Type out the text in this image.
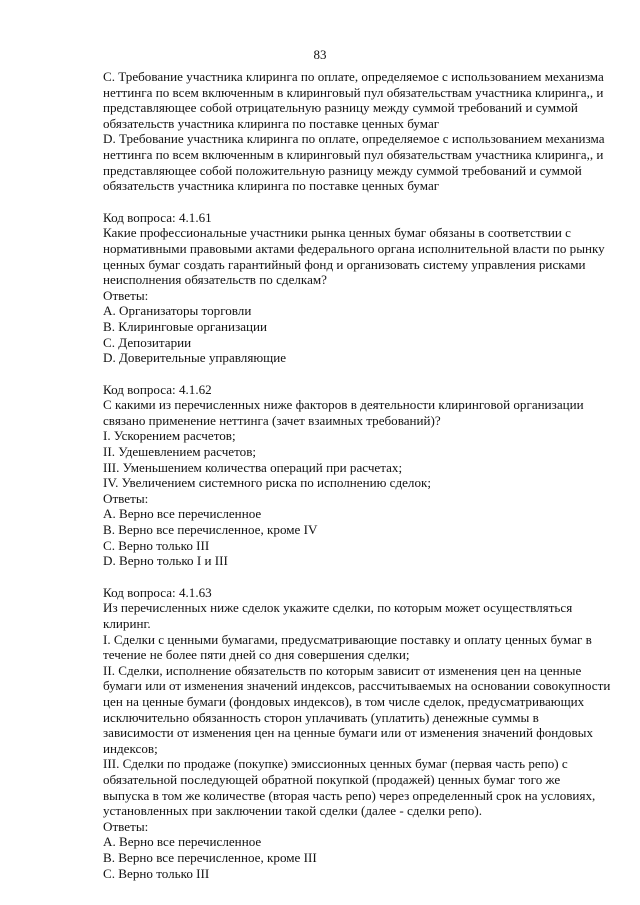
83
C. Требование участника клиринга по оплате, определяемое с использованием механизма
неттинга по всем включенным в клиринговый пул обязательствам участника клиринга,, и
представляющее собой отрицательную разницу между суммой требований и суммой
обязательств участника клиринга по поставке ценных бумаг
D. Требование участника клиринга по оплате, определяемое с использованием механизма
неттинга по всем включенным в клиринговый пул обязательствам участника клиринга,, и
представляющее собой положительную разницу между суммой требований и суммой
обязательств участника клиринга по поставке ценных бумаг
Код вопроса: 4.1.61
Какие профессиональные участники рынка ценных бумаг обязаны в соответствии с
нормативными правовыми актами федерального органа исполнительной власти по рынку
ценных бумаг создать гарантийный фонд и организовать систему управления рисками
неисполнения обязательств по сделкам?
Ответы:
A. Организаторы торговли
B. Клиринговые организации
C. Депозитарии
D. Доверительные управляющие
Код вопроса: 4.1.62
С какими из перечисленных ниже факторов в деятельности клиринговой организации
связано применение неттинга (зачет взаимных требований)?
I. Ускорением расчетов;
II. Удешевлением расчетов;
III. Уменьшением количества операций при расчетах;
IV. Увеличением системного риска по исполнению сделок;
Ответы:
A. Верно все перечисленное
B. Верно все перечисленное, кроме IV
C. Верно только III
D. Верно только I и III
Код вопроса: 4.1.63
Из перечисленных ниже сделок укажите сделки, по которым может осуществляться
клиринг.
I. Сделки с ценными бумагами, предусматривающие поставку и оплату ценных бумаг в
течение не более пяти дней со дня совершения сделки;
II. Сделки, исполнение обязательств по которым зависит от изменения цен на ценные
бумаги или от изменения значений индексов, рассчитываемых на основании совокупности
цен на ценные бумаги (фондовых индексов), в том числе сделок, предусматривающих
исключительно обязанность сторон уплачивать (уплатить) денежные суммы в
зависимости от изменения цен на ценные бумаги или от изменения значений фондовых
индексов;
III. Сделки по продаже (покупке) эмиссионных ценных бумаг (первая часть репо) с
обязательной последующей обратной покупкой (продажей) ценных бумаг того же
выпуска в том же количестве (вторая часть репо) через определенный срок на условиях,
установленных при заключении такой сделки (далее - сделки репо).
Ответы:
A. Верно все перечисленное
B. Верно все перечисленное, кроме III
C. Верно только III
